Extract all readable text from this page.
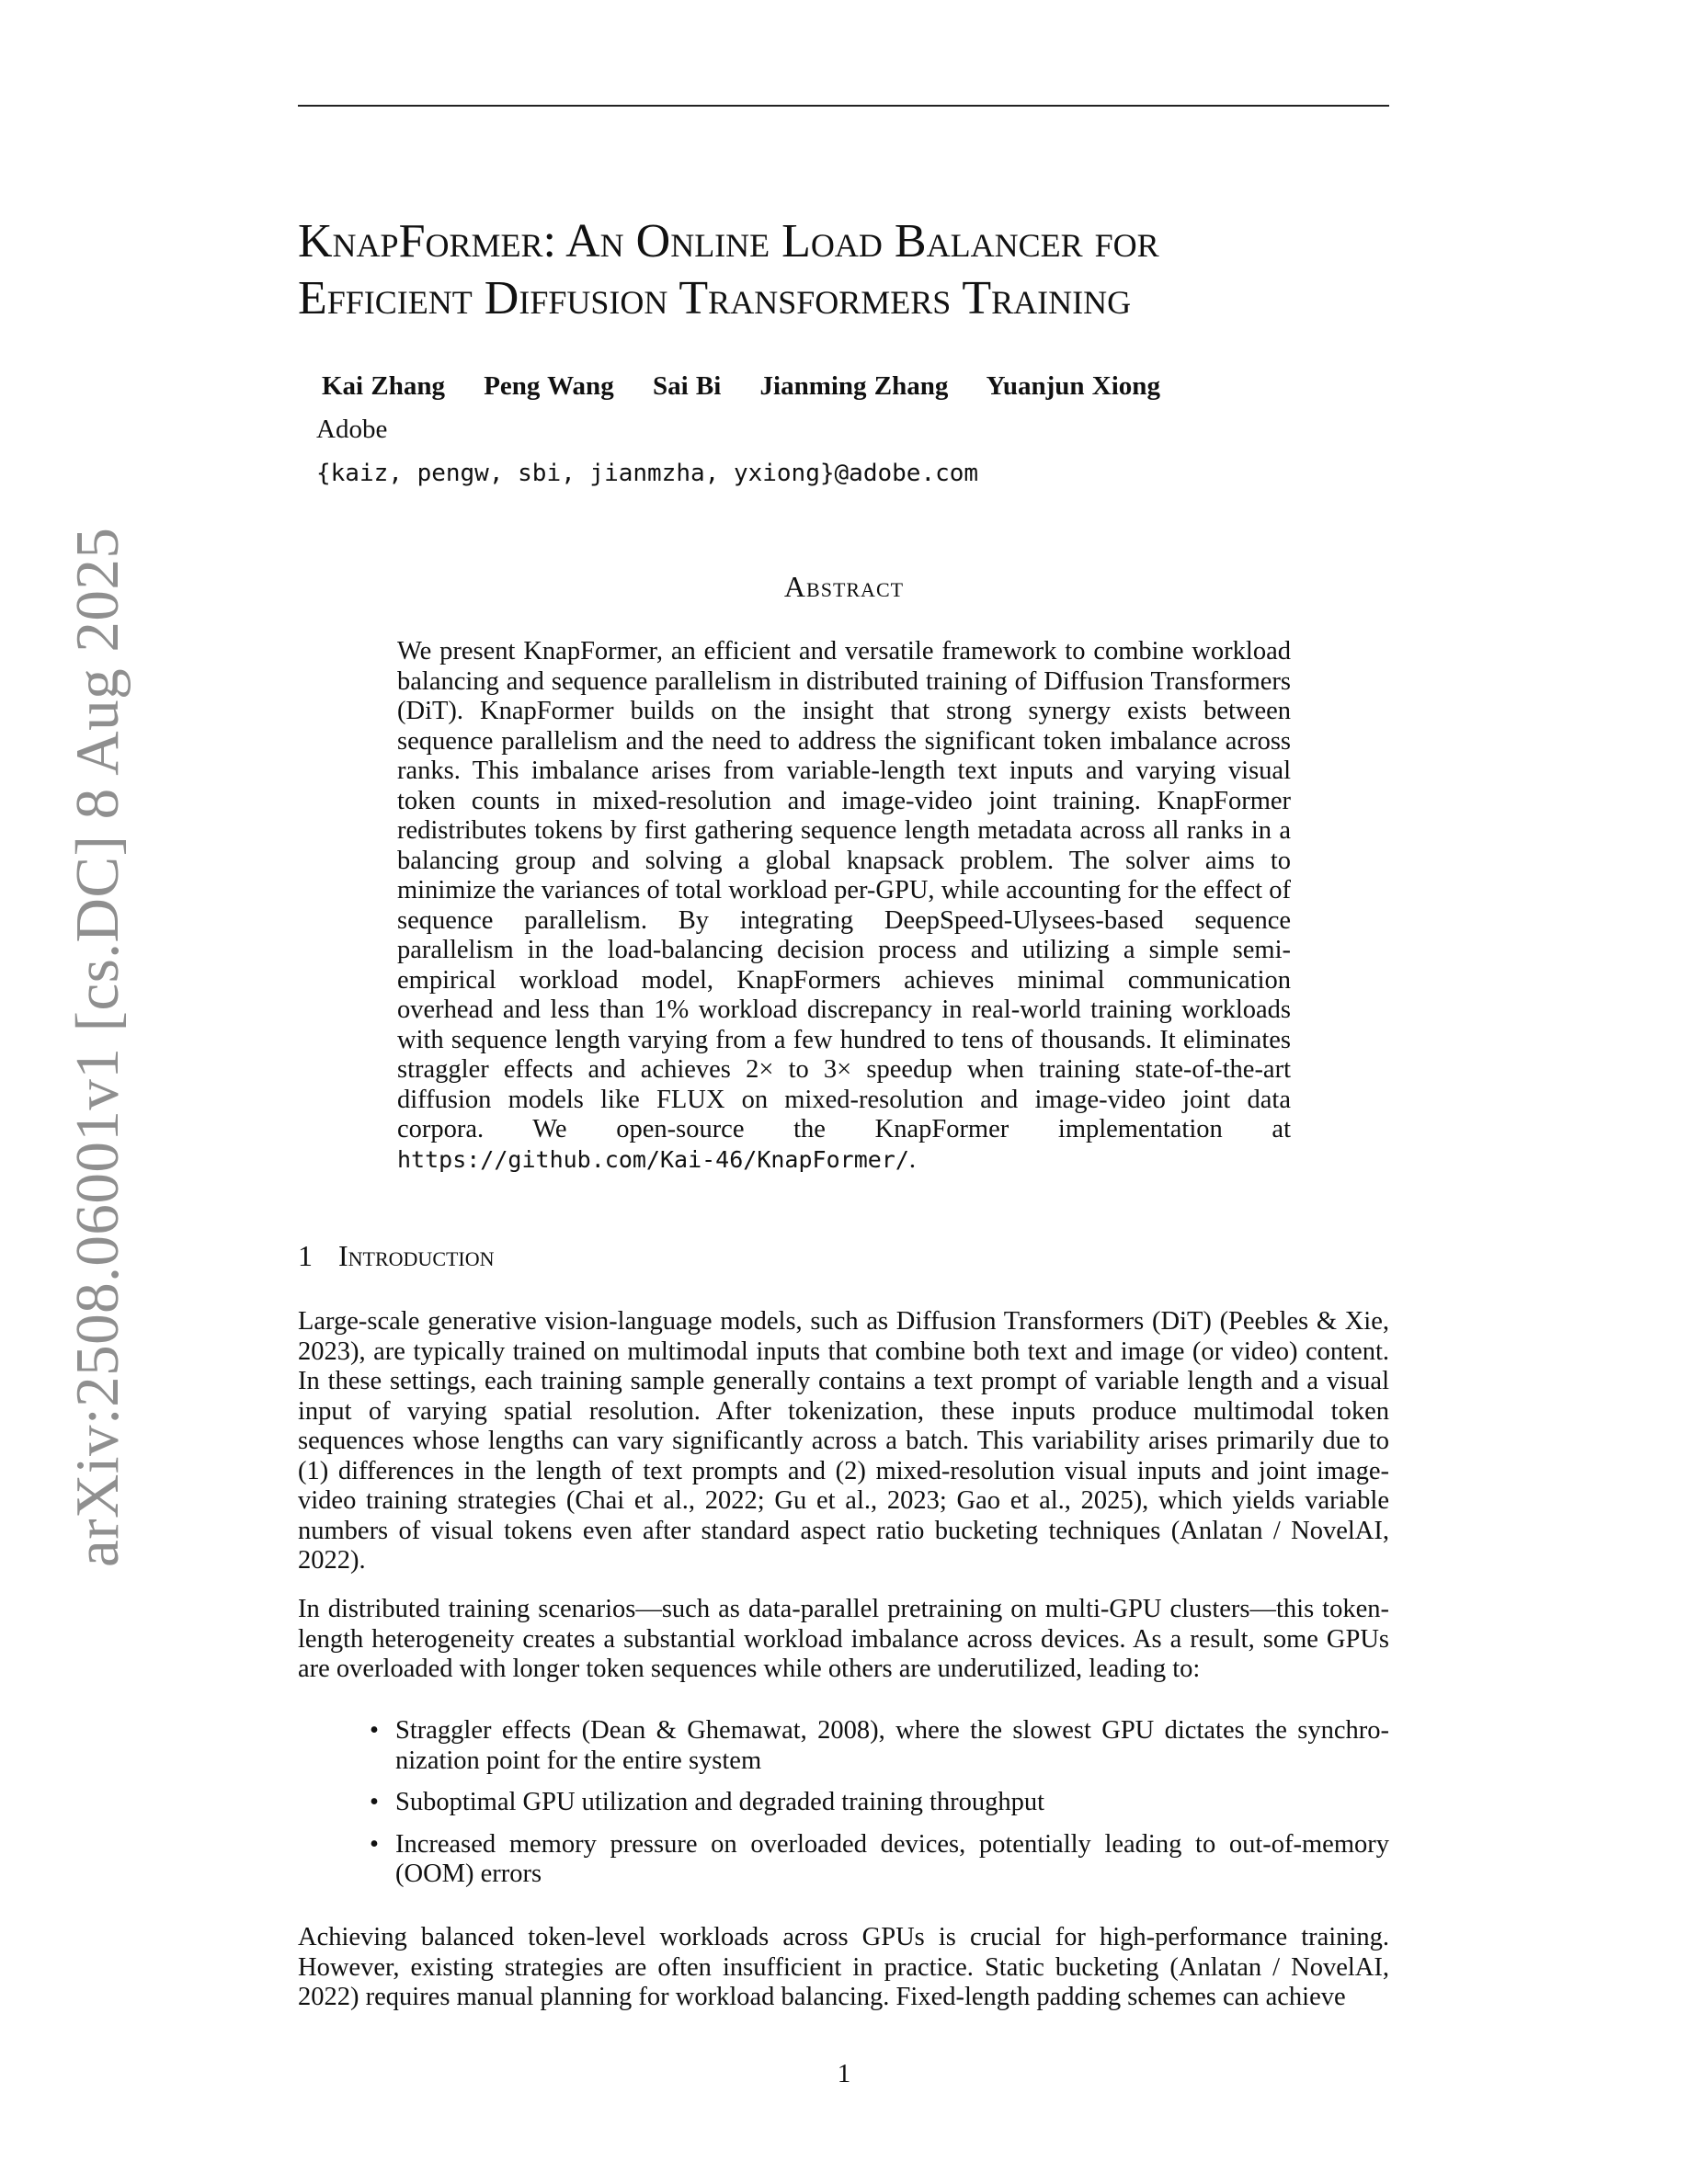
arXiv:2508.06001v1 [cs.DC] 8 Aug 2025
KnapFormer: An Online Load Balancer for
Efficient Diffusion Transformers Training
Kai Zhang Peng Wang Sai Bi Jianming Zhang Yuanjun Xiong
Adobe
{kaiz, pengw, sbi, jianmzha, yxiong}@adobe.com
Abstract
We present KnapFormer, an efficient and versatile framework to combine workload balancing and sequence parallelism in distributed training of Diffusion Transformers (DiT). KnapFormer builds on the insight that strong synergy exists between sequence parallelism and the need to address the significant token imbalance across ranks. This imbalance arises from variable-length text inputs and varying visual token counts in mixed-resolution and image-video joint training. KnapFormer redistributes tokens by first gathering sequence length metadata across all ranks in a balancing group and solving a global knapsack problem. The solver aims to minimize the variances of total workload per-GPU, while accounting for the effect of sequence parallelism. By integrating DeepSpeed-Ulysees-based sequence parallelism in the load-balancing decision process and utilizing a simple semi-empirical workload model, KnapFormers achieves minimal communication overhead and less than 1% workload discrepancy in real-world training workloads with sequence length varying from a few hundred to tens of thousands. It eliminates straggler effects and achieves 2× to 3× speedup when training state-of-the-art diffusion models like FLUX on mixed-resolution and image-video joint data corpora. We open-source the KnapFormer implementation at https://github.com/Kai-46/KnapFormer/.
1 Introduction
Large-scale generative vision-language models, such as Diffusion Transformers (DiT) (Peebles & Xie, 2023), are typically trained on multimodal inputs that combine both text and image (or video) content. In these settings, each training sample generally contains a text prompt of variable length and a visual input of varying spatial resolution. After tokenization, these inputs produce multimodal token sequences whose lengths can vary significantly across a batch. This variability arises primarily due to (1) differences in the length of text prompts and (2) mixed-resolution visual inputs and joint image-video training strategies (Chai et al., 2022; Gu et al., 2023; Gao et al., 2025), which yields variable numbers of visual tokens even after standard aspect ratio bucketing techniques (Anlatan / NovelAI, 2022).
In distributed training scenarios—such as data-parallel pretraining on multi-GPU clusters—this token-length heterogeneity creates a substantial workload imbalance across devices. As a result, some GPUs are overloaded with longer token sequences while others are underutilized, leading to:
• Straggler effects (Dean & Ghemawat, 2008), where the slowest GPU dictates the synchronization point for the entire system
• Suboptimal GPU utilization and degraded training throughput
• Increased memory pressure on overloaded devices, potentially leading to out-of-memory (OOM) errors
Achieving balanced token-level workloads across GPUs is crucial for high-performance training. However, existing strategies are often insufficient in practice. Static bucketing (Anlatan / NovelAI, 2022) requires manual planning for workload balancing. Fixed-length padding schemes can achieve
1
